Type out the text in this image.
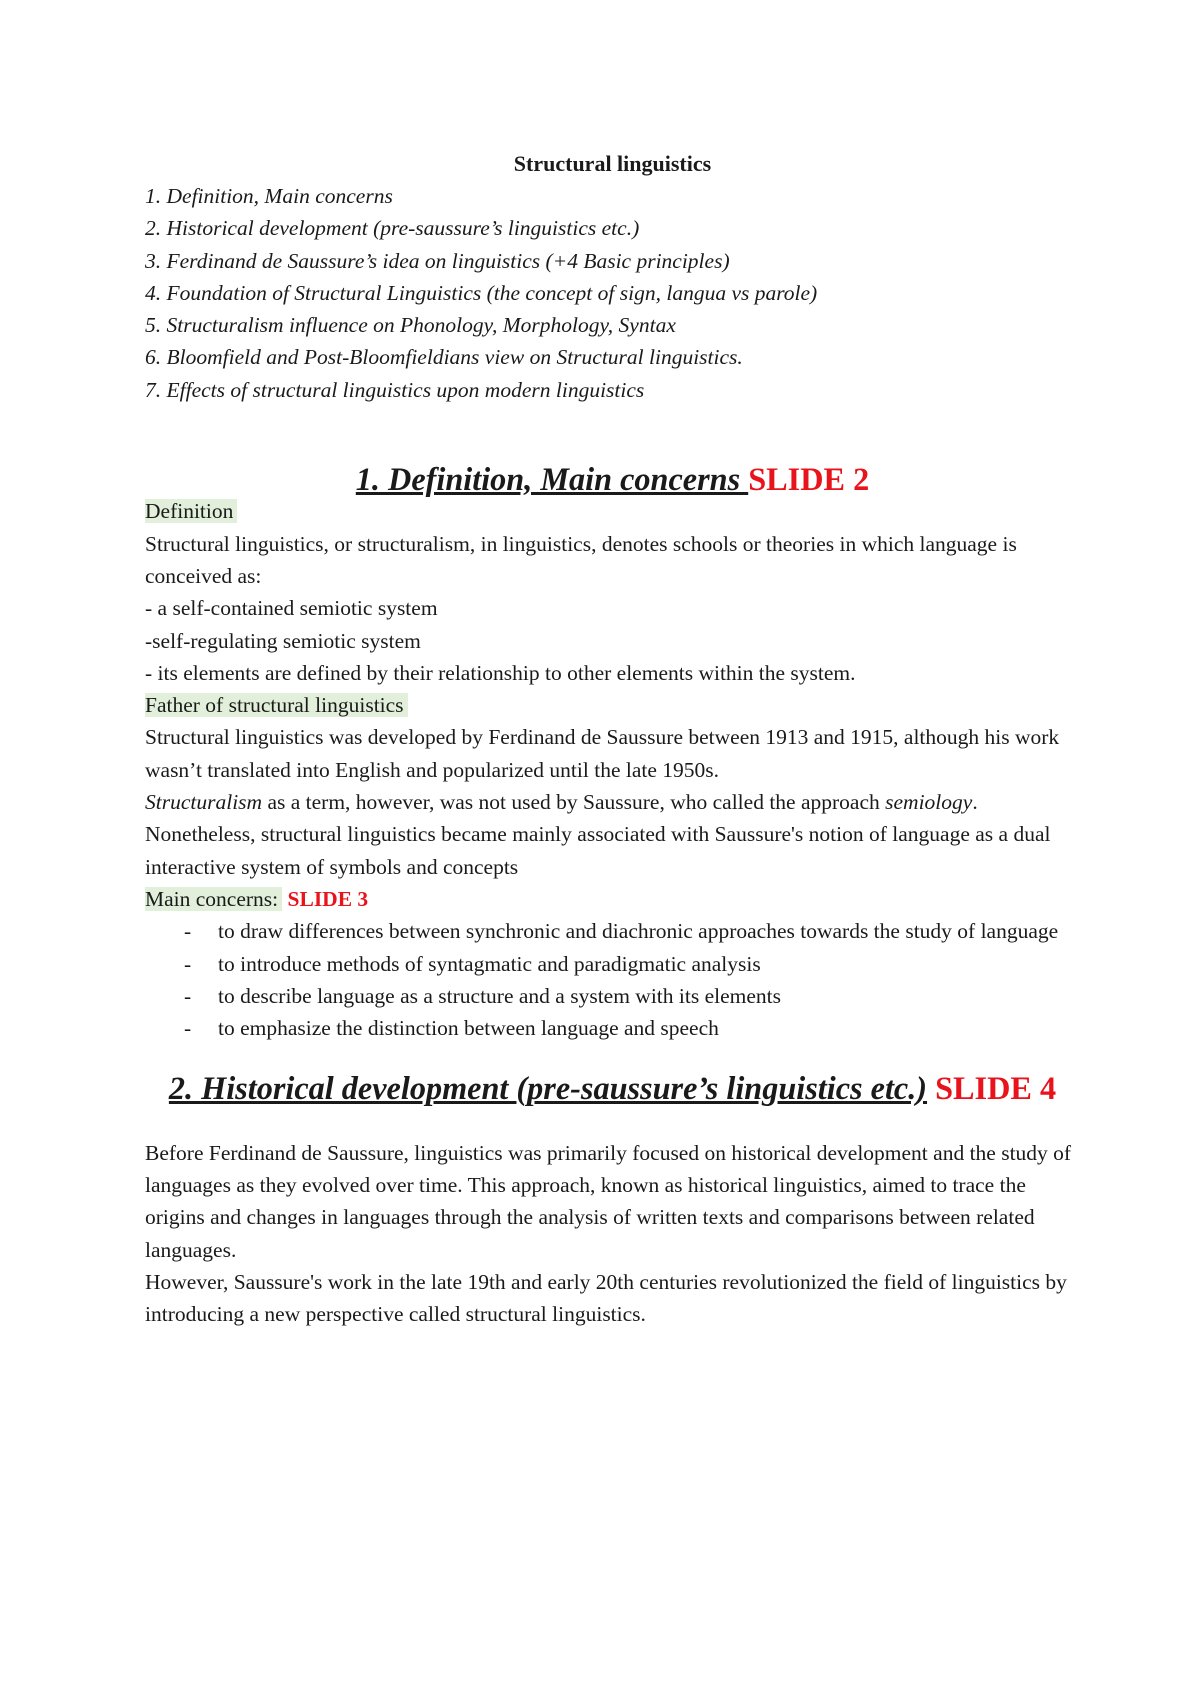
Structural linguistics
1. Definition, Main concerns
2. Historical development (pre-saussure’s linguistics etc.)
3. Ferdinand de Saussure’s idea on linguistics (+4 Basic principles)
4. Foundation of Structural Linguistics (the concept of sign, langua vs parole)
5. Structuralism influence on Phonology, Morphology, Syntax
6. Bloomfield and Post-Bloomfieldians view on Structural linguistics.
7. Effects of structural linguistics upon modern linguistics
1. Definition, Main concerns SLIDE 2

Definition

Structural linguistics, or structuralism, in linguistics, denotes schools or theories in which language is conceived as:

- a self-contained semiotic system

-self-regulating semiotic system

- its elements are defined by their relationship to other elements within the system.

Father of structural linguistics

Structural linguistics was developed by Ferdinand de Saussure between 1913 and 1915, although his work wasn’t translated into English and popularized until the late 1950s.

Structuralism as a term, however, was not used by Saussure, who called the approach semiology.

Nonetheless, structural linguistics became mainly associated with Saussure's notion of language as a dual interactive system of symbols and concepts

Main concerns: SLIDE 3

- to draw differences between synchronic and diachronic approaches towards the study of language
- to introduce methods of syntagmatic and paradigmatic analysis
- to describe language as a structure and a system with its elements
- to emphasize the distinction between language and speech
2. Historical development (pre-saussure’s linguistics etc.) SLIDE 4

Before Ferdinand de Saussure, linguistics was primarily focused on historical development and the study of languages as they evolved over time. This approach, known as historical linguistics, aimed to trace the origins and changes in languages through the analysis of written texts and comparisons between related languages.

However, Saussure's work in the late 19th and early 20th centuries revolutionized the field of linguistics by introducing a new perspective called structural linguistics.
